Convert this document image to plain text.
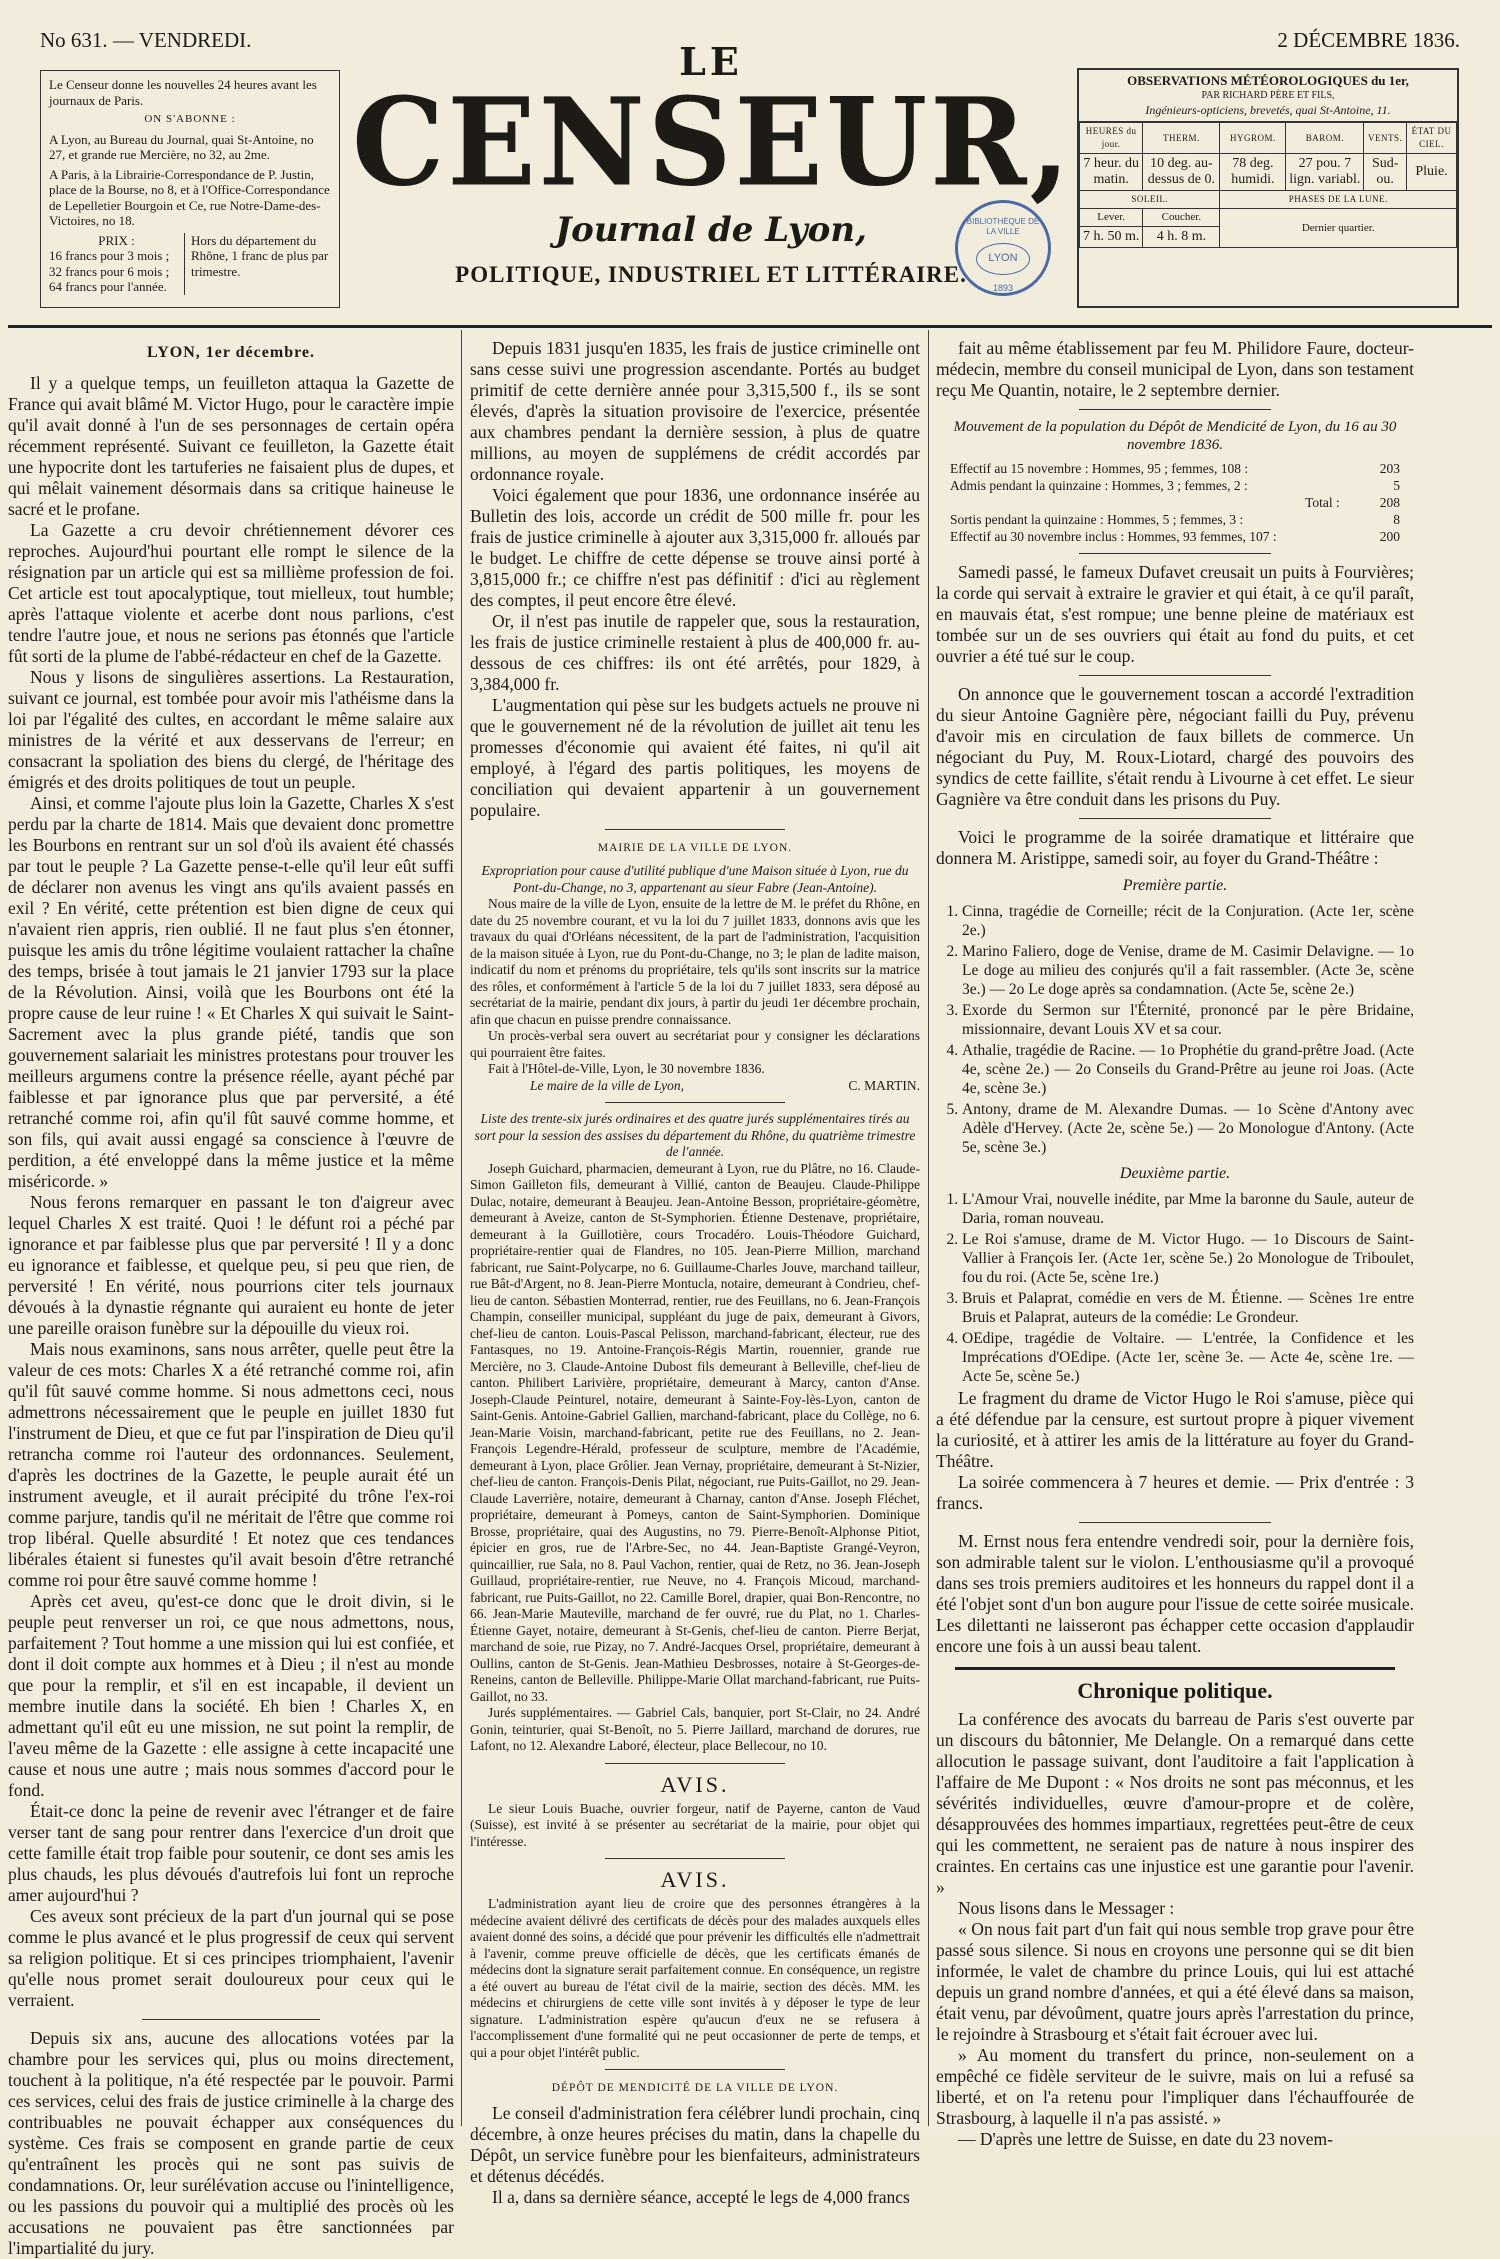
No 631. — VENDREDI.	2 DÉCEMBRE 1836.

Le Censeur donne les nouvelles 24 heures avant les journaux de Paris.

ON S'ABONNE :

A Lyon, au Bureau du Journal, quai St-Antoine, no 27, et grande rue Mercière, no 32, au 2me.

A Paris, à la Librairie-Correspondance de P. Justin, place de la Bourse, no 8, et à l'Office-Correspondance de Lepelletier Bourgoin et Ce, rue Notre-Dame-des-Victoires, no 18.

PRIX :
16 francs pour 3 mois ; 32 francs pour 6 mois ; 64 francs pour l'année.
Hors du département du Rhône, 1 franc de plus par trimestre.
LE
CENSEUR,
Journal de Lyon,
POLITIQUE, INDUSTRIEL ET LITTÉRAIRE.
BIBLIOTHÈQUE DE LA VILLE
LYON
1893
OBSERVATIONS MÉTÉOROLOGIQUES du 1er,
PAR RICHARD PÈRE ET FILS,
Ingénieurs-opticiens, brevetés, quai St-Antoine, 11.
HEURES du jour.	THERM.	HYGROM.	BAROM.	VENTS.	ÉTAT DU CIEL.
7 heur. du matin.	10 deg. au-dessus de 0.	78 deg. humidi.	27 pou. 7 lign. variabl.	Sud-ou.	Pluie.
SOLEIL.		PHASES DE LA LUNE.			
Lever.	Coucher.	Dernier quartier.			
7 h. 50 m.	4 h. 8 m.				
LYON, 1er décembre.

Il y a quelque temps, un feuilleton attaqua la Gazette de France qui avait blâmé M. Victor Hugo, pour le caractère impie qu'il avait donné à l'un de ses personnages de certain opéra récemment représenté. Suivant ce feuilleton, la Gazette était une hypocrite dont les tartuferies ne faisaient plus de dupes, et qui mêlait vainement désormais dans sa critique haineuse le sacré et le profane.

La Gazette a cru devoir chrétiennement dévorer ces reproches. Aujourd'hui pourtant elle rompt le silence de la résignation par un article qui est sa millième profession de foi. Cet article est tout apocalyptique, tout mielleux, tout humble; après l'attaque violente et acerbe dont nous parlions, c'est tendre l'autre joue, et nous ne serions pas étonnés que l'article fût sorti de la plume de l'abbé-rédacteur en chef de la Gazette.

Nous y lisons de singulières assertions. La Restauration, suivant ce journal, est tombée pour avoir mis l'athéisme dans la loi par l'égalité des cultes, en accordant le même salaire aux ministres de la vérité et aux desservans de l'erreur; en consacrant la spoliation des biens du clergé, de l'héritage des émigrés et des droits politiques de tout un peuple.

Ainsi, et comme l'ajoute plus loin la Gazette, Charles X s'est perdu par la charte de 1814. Mais que devaient donc promettre les Bourbons en rentrant sur un sol d'où ils avaient été chassés par tout le peuple ? La Gazette pense-t-elle qu'il leur eût suffi de déclarer non avenus les vingt ans qu'ils avaient passés en exil ? En vérité, cette prétention est bien digne de ceux qui n'avaient rien appris, rien oublié. Il ne faut plus s'en étonner, puisque les amis du trône légitime voulaient rattacher la chaîne des temps, brisée à tout jamais le 21 janvier 1793 sur la place de la Révolution. Ainsi, voilà que les Bourbons ont été la propre cause de leur ruine ! « Et Charles X qui suivait le Saint-Sacrement avec la plus grande piété, tandis que son gouvernement salariait les ministres protestans pour trouver les meilleurs argumens contre la présence réelle, ayant péché par faiblesse et par ignorance plus que par perversité, a été retranché comme roi, afin qu'il fût sauvé comme homme, et son fils, qui avait aussi engagé sa conscience à l'œuvre de perdition, a été enveloppé dans la même justice et la même miséricorde. »

Nous ferons remarquer en passant le ton d'aigreur avec lequel Charles X est traité. Quoi ! le défunt roi a péché par ignorance et par faiblesse plus que par perversité ! Il y a donc eu ignorance et faiblesse, et quelque peu, si peu que rien, de perversité ! En vérité, nous pourrions citer tels journaux dévoués à la dynastie régnante qui auraient eu honte de jeter une pareille oraison funèbre sur la dépouille du vieux roi.

Mais nous examinons, sans nous arrêter, quelle peut être la valeur de ces mots: Charles X a été retranché comme roi, afin qu'il fût sauvé comme homme. Si nous admettons ceci, nous admettrons nécessairement que le peuple en juillet 1830 fut l'instrument de Dieu, et que ce fut par l'inspiration de Dieu qu'il retrancha comme roi l'auteur des ordonnances. Seulement, d'après les doctrines de la Gazette, le peuple aurait été un instrument aveugle, et il aurait précipité du trône l'ex-roi comme parjure, tandis qu'il ne méritait de l'être que comme roi trop libéral. Quelle absurdité ! Et notez que ces tendances libérales étaient si funestes qu'il avait besoin d'être retranché comme roi pour être sauvé comme homme !

Après cet aveu, qu'est-ce donc que le droit divin, si le peuple peut renverser un roi, ce que nous admettons, nous, parfaitement ? Tout homme a une mission qui lui est confiée, et dont il doit compte aux hommes et à Dieu ; il n'est au monde que pour la remplir, et s'il en est incapable, il devient un membre inutile dans la société. Eh bien ! Charles X, en admettant qu'il eût eu une mission, ne sut point la remplir, de l'aveu même de la Gazette : elle assigne à cette incapacité une cause et nous une autre ; mais nous sommes d'accord pour le fond.

Était-ce donc la peine de revenir avec l'étranger et de faire verser tant de sang pour rentrer dans l'exercice d'un droit que cette famille était trop faible pour soutenir, ce dont ses amis les plus chauds, les plus dévoués d'autrefois lui font un reproche amer aujourd'hui ?

Ces aveux sont précieux de la part d'un journal qui se pose comme le plus avancé et le plus progressif de ceux qui servent sa religion politique. Et si ces principes triomphaient, l'avenir qu'elle nous promet serait douloureux pour ceux qui le verraient.

Depuis six ans, aucune des allocations votées par la chambre pour les services qui, plus ou moins directement, touchent à la politique, n'a été respectée par le pouvoir. Parmi ces services, celui des frais de justice criminelle à la charge des contribuables ne pouvait échapper aux conséquences du système. Ces frais se composent en grande partie de ceux qu'entraînent les procès qui ne sont pas suivis de condamnations. Or, leur surélévation accuse ou l'inintelligence, ou les passions du pouvoir qui a multiplié des procès où les accusations ne pouvaient pas être sanctionnées par l'impartialité du jury.

Depuis 1831 jusqu'en 1835, les frais de justice criminelle ont sans cesse suivi une progression ascendante. Portés au budget primitif de cette dernière année pour 3,315,500 f., ils se sont élevés, d'après la situation provisoire de l'exercice, présentée aux chambres pendant la dernière session, à plus de quatre millions, au moyen de supplémens de crédit accordés par ordonnance royale.

Voici également que pour 1836, une ordonnance insérée au Bulletin des lois, accorde un crédit de 500 mille fr. pour les frais de justice criminelle à ajouter aux 3,315,000 fr. alloués par le budget. Le chiffre de cette dépense se trouve ainsi porté à 3,815,000 fr.; ce chiffre n'est pas définitif : d'ici au règlement des comptes, il peut encore être élevé.

Or, il n'est pas inutile de rappeler que, sous la restauration, les frais de justice criminelle restaient à plus de 400,000 fr. au-dessous de ces chiffres: ils ont été arrêtés, pour 1829, à 3,384,000 fr.

L'augmentation qui pèse sur les budgets actuels ne prouve ni que le gouvernement né de la révolution de juillet ait tenu les promesses d'économie qui avaient été faites, ni qu'il ait employé, à l'égard des partis politiques, les moyens de conciliation qui devaient appartenir à un gouvernement populaire.

MAIRIE DE LA VILLE DE LYON.
Expropriation pour cause d'utilité publique d'une Maison située à Lyon, rue du Pont-du-Change, no 3, appartenant au sieur Fabre (Jean-Antoine).

Nous maire de la ville de Lyon, ensuite de la lettre de M. le préfet du Rhône, en date du 25 novembre courant, et vu la loi du 7 juillet 1833, donnons avis que les travaux du quai d'Orléans nécessitent, de la part de l'administration, l'acquisition de la maison située à Lyon, rue du Pont-du-Change, no 3; le plan de ladite maison, indicatif du nom et prénoms du propriétaire, tels qu'ils sont inscrits sur la matrice des rôles, et conformément à l'article 5 de la loi du 7 juillet 1833, sera déposé au secrétariat de la mairie, pendant dix jours, à partir du jeudi 1er décembre prochain, afin que chacun en puisse prendre connaissance.

Un procès-verbal sera ouvert au secrétariat pour y consigner les déclarations qui pourraient être faites.

Fait à l'Hôtel-de-Ville, Lyon, le 30 novembre 1836.

Le maire de la ville de Lyon,	C. MARTIN.
Liste des trente-six jurés ordinaires et des quatre jurés supplémentaires tirés au sort pour la session des assises du département du Rhône, du quatrième trimestre de l'année.

Joseph Guichard, pharmacien, demeurant à Lyon, rue du Plâtre, no 16. Claude-Simon Gailleton fils, demeurant à Villié, canton de Beaujeu. Claude-Philippe Dulac, notaire, demeurant à Beaujeu. Jean-Antoine Besson, propriétaire-géomètre, demeurant à Aveize, canton de St-Symphorien. Étienne Destenave, propriétaire, demeurant à la Guillotière, cours Trocadéro. Louis-Théodore Guichard, propriétaire-rentier quai de Flandres, no 105. Jean-Pierre Million, marchand fabricant, rue Saint-Polycarpe, no 6. Guillaume-Charles Jouve, marchand tailleur, rue Bât-d'Argent, no 8. Jean-Pierre Montucla, notaire, demeurant à Condrieu, chef-lieu de canton. Sébastien Monterrad, rentier, rue des Feuillans, no 6. Jean-François Champin, conseiller municipal, suppléant du juge de paix, demeurant à Givors, chef-lieu de canton. Louis-Pascal Pelisson, marchand-fabricant, électeur, rue des Fantasques, no 19. Antoine-François-Régis Martin, rouennier, grande rue Mercière, no 3. Claude-Antoine Dubost fils demeurant à Belleville, chef-lieu de canton. Philibert Larivière, propriétaire, demeurant à Marcy, canton d'Anse. Joseph-Claude Peinturel, notaire, demeurant à Sainte-Foy-lès-Lyon, canton de Saint-Genis. Antoine-Gabriel Gallien, marchand-fabricant, place du Collège, no 6. Jean-Marie Voisin, marchand-fabricant, petite rue des Feuillans, no 2. Jean-François Legendre-Hérald, professeur de sculpture, membre de l'Académie, demeurant à Lyon, place Grôlier. Jean Vernay, propriétaire, demeurant à St-Nizier, chef-lieu de canton. François-Denis Pilat, négociant, rue Puits-Gaillot, no 29. Jean-Claude Laverrière, notaire, demeurant à Charnay, canton d'Anse. Joseph Fléchet, propriétaire, demeurant à Pomeys, canton de Saint-Symphorien. Dominique Brosse, propriétaire, quai des Augustins, no 79. Pierre-Benoît-Alphonse Pitiot, épicier en gros, rue de l'Arbre-Sec, no 44. Jean-Baptiste Grangé-Veyron, quincaillier, rue Sala, no 8. Paul Vachon, rentier, quai de Retz, no 36. Jean-Joseph Guillaud, propriétaire-rentier, rue Neuve, no 4. François Micoud, marchand-fabricant, rue Puits-Gaillot, no 22. Camille Borel, drapier, quai Bon-Rencontre, no 66. Jean-Marie Mauteville, marchand de fer ouvré, rue du Plat, no 1. Charles-Étienne Gayet, notaire, demeurant à St-Genis, chef-lieu de canton. Pierre Berjat, marchand de soie, rue Pizay, no 7. André-Jacques Orsel, propriétaire, demeurant à Oullins, canton de St-Genis. Jean-Mathieu Desbrosses, notaire à St-Georges-de-Reneins, canton de Belleville. Philippe-Marie Ollat marchand-fabricant, rue Puits-Gaillot, no 33.

Jurés supplémentaires. — Gabriel Cals, banquier, port St-Clair, no 24. André Gonin, teinturier, quai St-Benoît, no 5. Pierre Jaillard, marchand de dorures, rue Lafont, no 12. Alexandre Laboré, électeur, place Bellecour, no 10.

AVIS.

Le sieur Louis Buache, ouvrier forgeur, natif de Payerne, canton de Vaud (Suisse), est invité à se présenter au secrétariat de la mairie, pour objet qui l'intéresse.

AVIS.

L'administration ayant lieu de croire que des personnes étrangères à la médecine avaient délivré des certificats de décès pour des malades auxquels elles avaient donné des soins, a décidé que pour prévenir les difficultés elle n'admettrait à l'avenir, comme preuve officielle de décès, que les certificats émanés de médecins dont la signature serait parfaitement connue. En conséquence, un registre a été ouvert au bureau de l'état civil de la mairie, section des décès. MM. les médecins et chirurgiens de cette ville sont invités à y déposer le type de leur signature. L'administration espère qu'aucun d'eux ne se refusera à l'accomplissement d'une formalité qui ne peut occasionner de perte de temps, et qui a pour objet l'intérêt public.

DÉPÔT DE MENDICITÉ DE LA VILLE DE LYON.

Le conseil d'administration fera célébrer lundi prochain, cinq décembre, à onze heures précises du matin, dans la chapelle du Dépôt, un service funèbre pour les bienfaiteurs, administrateurs et détenus décédés.

Il a, dans sa dernière séance, accepté le legs de 4,000 francs

fait au même établissement par feu M. Philidore Faure, docteur-médecin, membre du conseil municipal de Lyon, dans son testament reçu Me Quantin, notaire, le 2 septembre dernier.

Mouvement de la population du Dépôt de Mendicité de Lyon, du 16 au 30 novembre 1836.
Effectif au 15 novembre : Hommes, 95 ; femmes, 108 :	203
Admis pendant la quinzaine : Hommes, 3 ; femmes, 2 :	5
Total :	208
Sortis pendant la quinzaine : Hommes, 5 ; femmes, 3 :	8
Effectif au 30 novembre inclus : Hommes, 93 femmes, 107 :	200

Samedi passé, le fameux Dufavet creusait un puits à Fourvières; la corde qui servait à extraire le gravier et qui était, à ce qu'il paraît, en mauvais état, s'est rompue; une benne pleine de matériaux est tombée sur un de ses ouvriers qui était au fond du puits, et cet ouvrier a été tué sur le coup.

On annonce que le gouvernement toscan a accordé l'extradition du sieur Antoine Gagnière père, négociant failli du Puy, prévenu d'avoir mis en circulation de faux billets de commerce. Un négociant du Puy, M. Roux-Liotard, chargé des pouvoirs des syndics de cette faillite, s'était rendu à Livourne à cet effet. Le sieur Gagnière va être conduit dans les prisons du Puy.

Voici le programme de la soirée dramatique et littéraire que donnera M. Aristippe, samedi soir, au foyer du Grand-Théâtre :

Première partie.
1. Cinna, tragédie de Corneille; récit de la Conjuration. (Acte 1er, scène 2e.)
2. Marino Faliero, doge de Venise, drame de M. Casimir Delavigne. — 1o Le doge au milieu des conjurés qu'il a fait rassembler. (Acte 3e, scène 3e.) — 2o Le doge après sa condamnation. (Acte 5e, scène 2e.)
3. Exorde du Sermon sur l'Éternité, prononcé par le père Bridaine, missionnaire, devant Louis XV et sa cour.
4. Athalie, tragédie de Racine. — 1o Prophétie du grand-prêtre Joad. (Acte 4e, scène 2e.) — 2o Conseils du Grand-Prêtre au jeune roi Joas. (Acte 4e, scène 3e.)
5. Antony, drame de M. Alexandre Dumas. — 1o Scène d'Antony avec Adèle d'Hervey. (Acte 2e, scène 5e.) — 2o Monologue d'Antony. (Acte 5e, scène 3e.)
Deuxième partie.
1. L'Amour Vrai, nouvelle inédite, par Mme la baronne du Saule, auteur de Daria, roman nouveau.
2. Le Roi s'amuse, drame de M. Victor Hugo. — 1o Discours de Saint-Vallier à François Ier. (Acte 1er, scène 5e.) 2o Monologue de Triboulet, fou du roi. (Acte 5e, scène 1re.)
3. Bruis et Palaprat, comédie en vers de M. Étienne. — Scènes 1re entre Bruis et Palaprat, auteurs de la comédie: Le Grondeur.
4. OEdipe, tragédie de Voltaire. — L'entrée, la Confidence et les Imprécations d'OEdipe. (Acte 1er, scène 3e. — Acte 4e, scène 1re. — Acte 5e, scène 5e.)

Le fragment du drame de Victor Hugo le Roi s'amuse, pièce qui a été défendue par la censure, est surtout propre à piquer vivement la curiosité, et à attirer les amis de la littérature au foyer du Grand-Théâtre.

La soirée commencera à 7 heures et demie. — Prix d'entrée : 3 francs.

M. Ernst nous fera entendre vendredi soir, pour la dernière fois, son admirable talent sur le violon. L'enthousiasme qu'il a provoqué dans ses trois premiers auditoires et les honneurs du rappel dont il a été l'objet sont d'un bon augure pour l'issue de cette soirée musicale. Les dilettanti ne laisseront pas échapper cette occasion d'applaudir encore une fois à un aussi beau talent.

Chronique politique.

La conférence des avocats du barreau de Paris s'est ouverte par un discours du bâtonnier, Me Delangle. On a remarqué dans cette allocution le passage suivant, dont l'auditoire a fait l'application à l'affaire de Me Dupont : « Nos droits ne sont pas méconnus, et les sévérités individuelles, œuvre d'amour-propre et de colère, désapprouvées des hommes impartiaux, regrettées peut-être de ceux qui les commettent, ne seraient pas de nature à nous inspirer des craintes. En certains cas une injustice est une garantie pour l'avenir. »

Nous lisons dans le Messager :

« On nous fait part d'un fait qui nous semble trop grave pour être passé sous silence. Si nous en croyons une personne qui se dit bien informée, le valet de chambre du prince Louis, qui lui est attaché depuis un grand nombre d'années, et qui a été élevé dans sa maison, était venu, par dévoûment, quatre jours après l'arrestation du prince, le rejoindre à Strasbourg et s'était fait écrouer avec lui.

» Au moment du transfert du prince, non-seulement on a empêché ce fidèle serviteur de le suivre, mais on lui a refusé sa liberté, et on l'a retenu pour l'impliquer dans l'échauffourée de Strasbourg, à laquelle il n'a pas assisté. »

— D'après une lettre de Suisse, en date du 23 novem-
